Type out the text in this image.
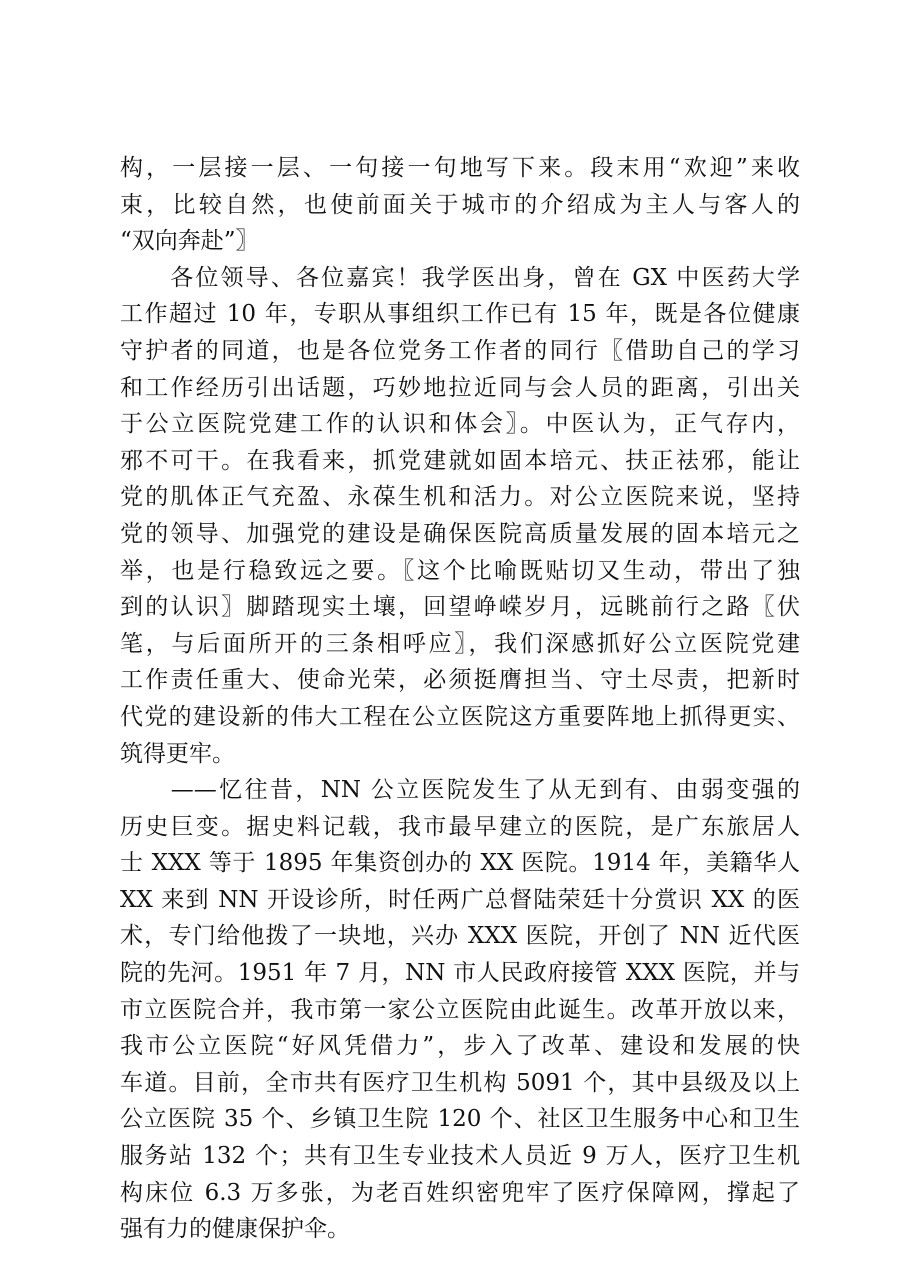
构，一层接一层、一句接一句地写下来。段末用“欢迎”来收
束，比较自然，也使前面关于城市的介绍成为主人与客人的
“双向奔赴”〗
　　各位领导、各位嘉宾！我学医出身，曾在 GX 中医药大学
工作超过 10 年，专职从事组织工作已有 15 年，既是各位健康
守护者的同道，也是各位党务工作者的同行〖借助自己的学习
和工作经历引出话题，巧妙地拉近同与会人员的距离，引出关
于公立医院党建工作的认识和体会〗。中医认为，正气存内，
邪不可干。在我看来，抓党建就如固本培元、扶正祛邪，能让
党的肌体正气充盈、永葆生机和活力。对公立医院来说，坚持
党的领导、加强党的建设是确保医院高质量发展的固本培元之
举，也是行稳致远之要。〖这个比喻既贴切又生动，带出了独
到的认识〗脚踏现实土壤，回望峥嵘岁月，远眺前行之路〖伏
笔，与后面所开的三条相呼应〗，我们深感抓好公立医院党建
工作责任重大、使命光荣，必须挺膺担当、守土尽责，把新时
代党的建设新的伟大工程在公立医院这方重要阵地上抓得更实、
筑得更牢。
　　——忆往昔，NN 公立医院发生了从无到有、由弱变强的
历史巨变。据史料记载，我市最早建立的医院，是广东旅居人
士 XXX 等于 1895 年集资创办的 XX 医院。1914 年，美籍华人
XX 来到 NN 开设诊所，时任两广总督陆荣廷十分赏识 XX 的医
术，专门给他拨了一块地，兴办 XXX 医院，开创了 NN 近代医
院的先河。1951 年 7 月，NN 市人民政府接管 XXX 医院，并与
市立医院合并，我市第一家公立医院由此诞生。改革开放以来，
我市公立医院“好风凭借力”，步入了改革、建设和发展的快
车道。目前，全市共有医疗卫生机构 5091 个，其中县级及以上
公立医院 35 个、乡镇卫生院 120 个、社区卫生服务中心和卫生
服务站 132 个；共有卫生专业技术人员近 9 万人，医疗卫生机
构床位 6.3 万多张，为老百姓织密兜牢了医疗保障网，撑起了
强有力的健康保护伞。
